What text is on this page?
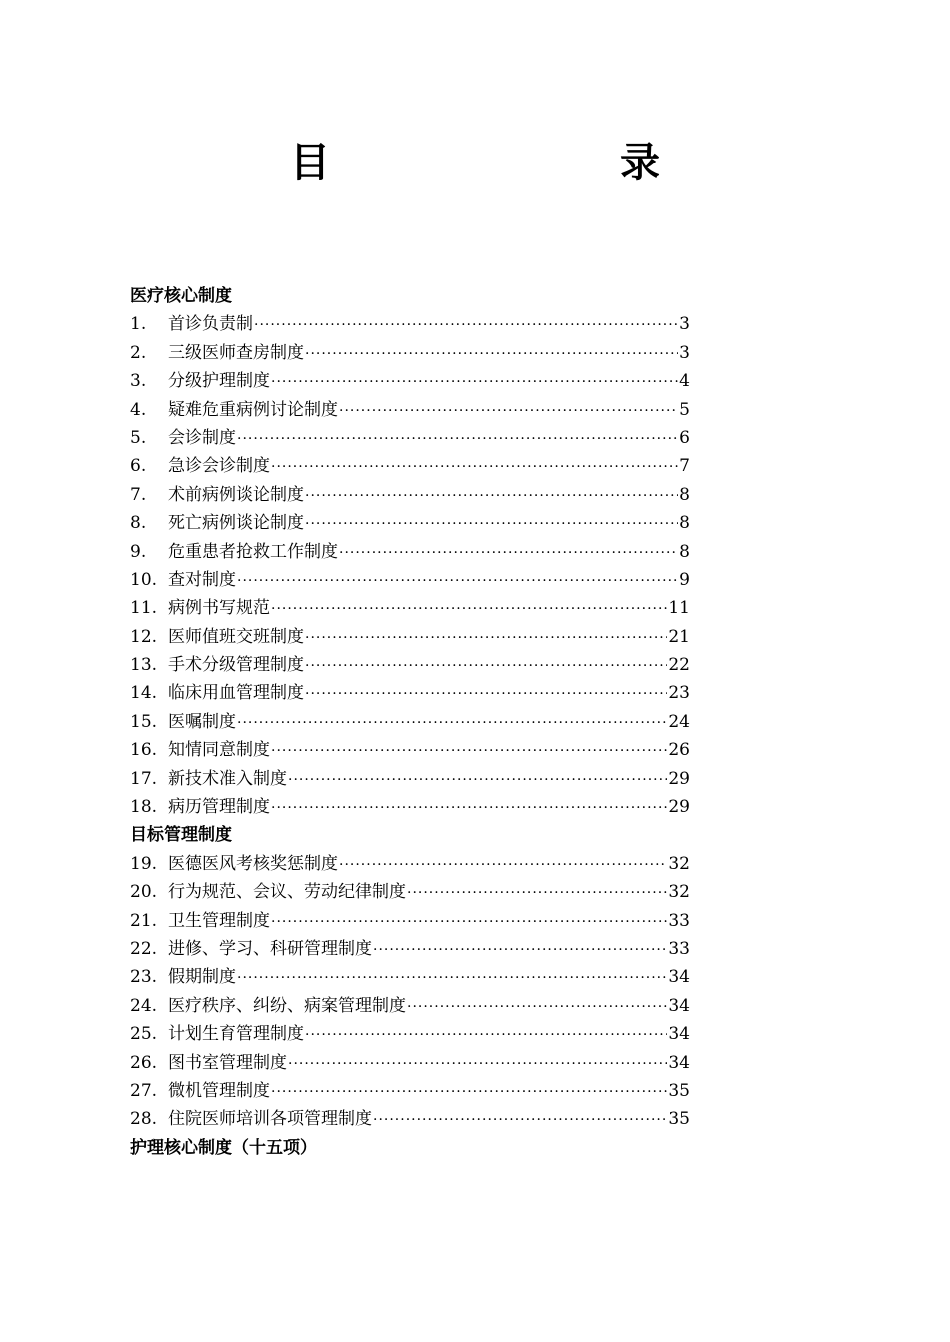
目　　录
医疗核心制度
1.	首诊负责制 ·····	3
2.	三级医师查房制度 ·····	3
3.	分级护理制度 ·····	4
4.	疑难危重病例讨论制度 ·····	5
5.	会诊制度 ·····	6
6.	急诊会诊制度 ·····	7
7.	术前病例谈论制度 ·····	8
8.	死亡病例谈论制度 ·····	8
9.	危重患者抢救工作制度 ·····	8
10. 查对制度 ·····	9
11. 病例书写规范 ·····	11
12. 医师值班交班制度 ·····	21
13. 手术分级管理制度 ·····	22
14. 临床用血管理制度 ·····	23
15. 医嘱制度 ·····	24
16. 知情同意制度 ·····	26
17. 新技术准入制度 ·····	29
18. 病历管理制度 ·····	29
目标管理制度
19. 医德医风考核奖惩制度 ·····	32
20. 行为规范、会议、劳动纪律制度 ·····	32
21. 卫生管理制度 ·····	33
22. 进修、学习、科研管理制度 ·····	33
23. 假期制度 ·····	34
24. 医疗秩序、纠纷、病案管理制度 ·····	34
25. 计划生育管理制度 ·····	34
26. 图书室管理制度 ·····	34
27. 微机管理制度 ·····	35
28. 住院医师培训各项管理制度 ·····	35
护理核心制度（十五项）
